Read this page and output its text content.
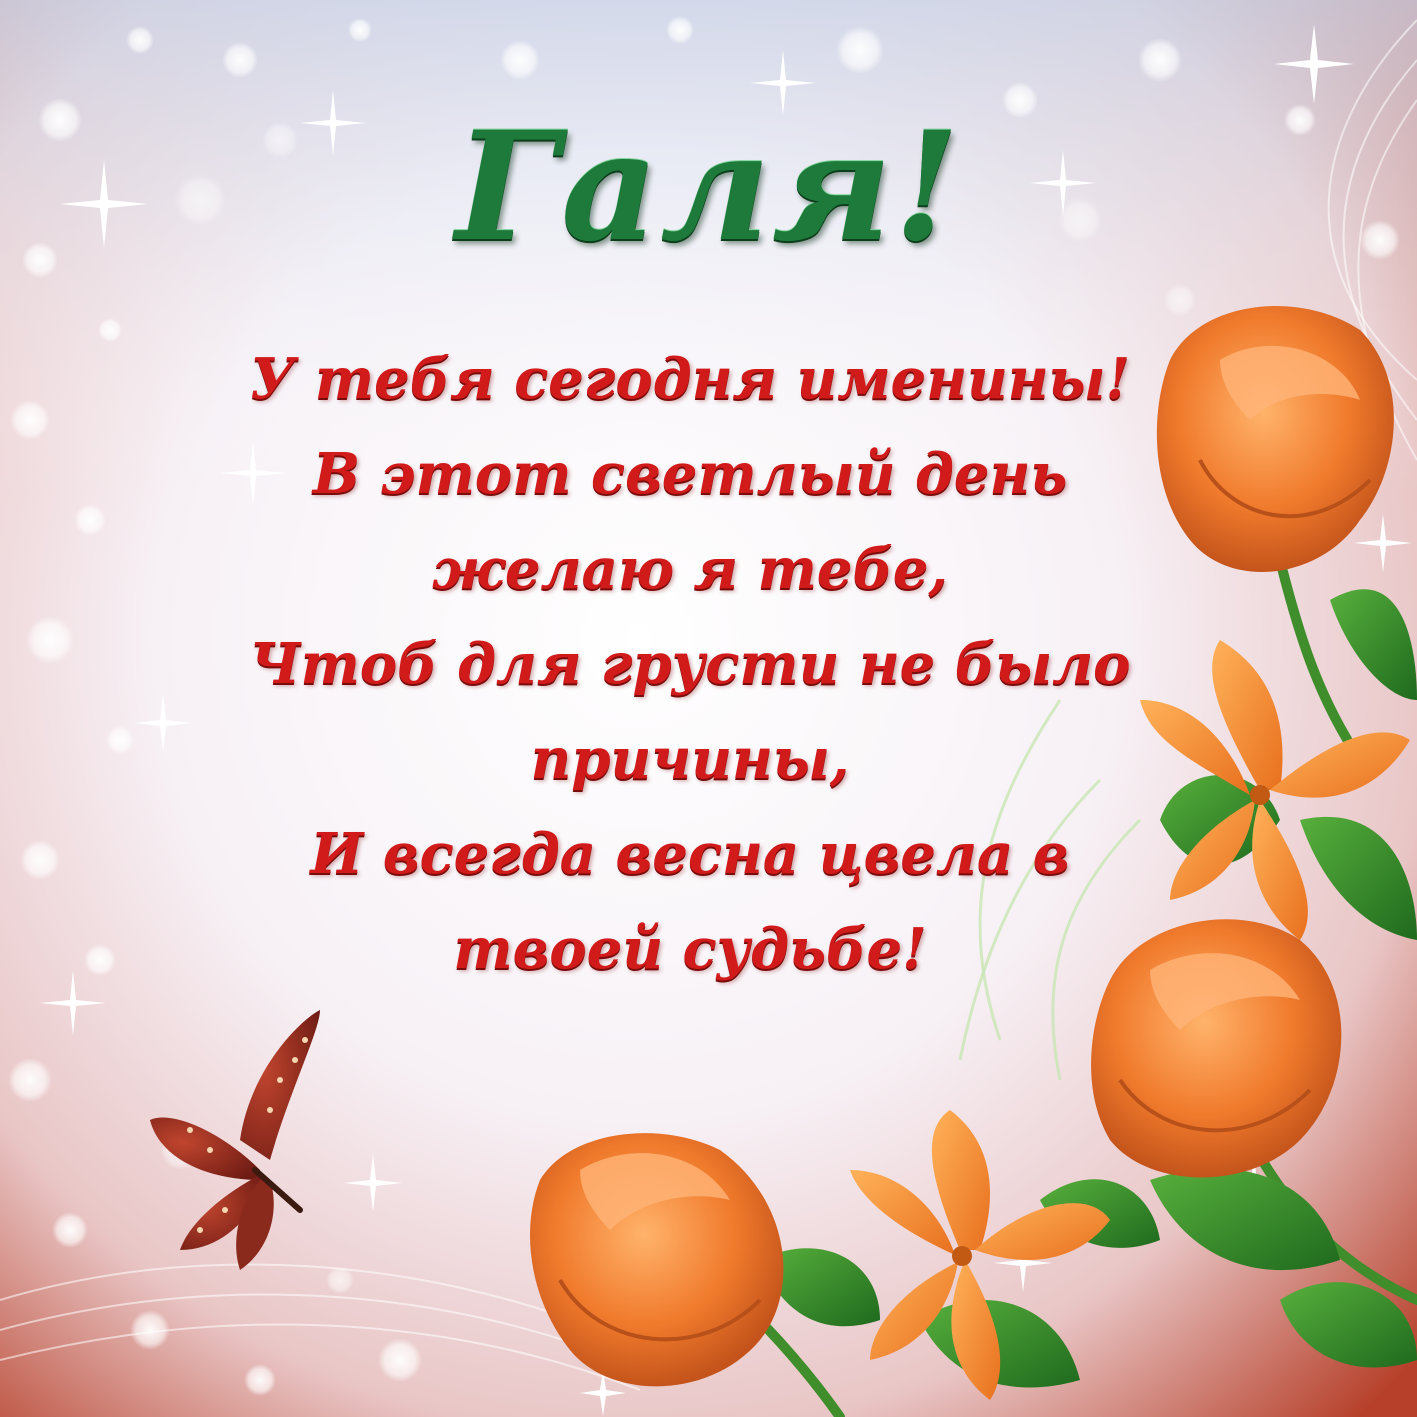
Галя!
У тебя сегодня именины!
В этот светлый день
желаю я тебе,
Чтоб для грусти не было
причины,
И всегда весна цвела в
твоей судьбе!
